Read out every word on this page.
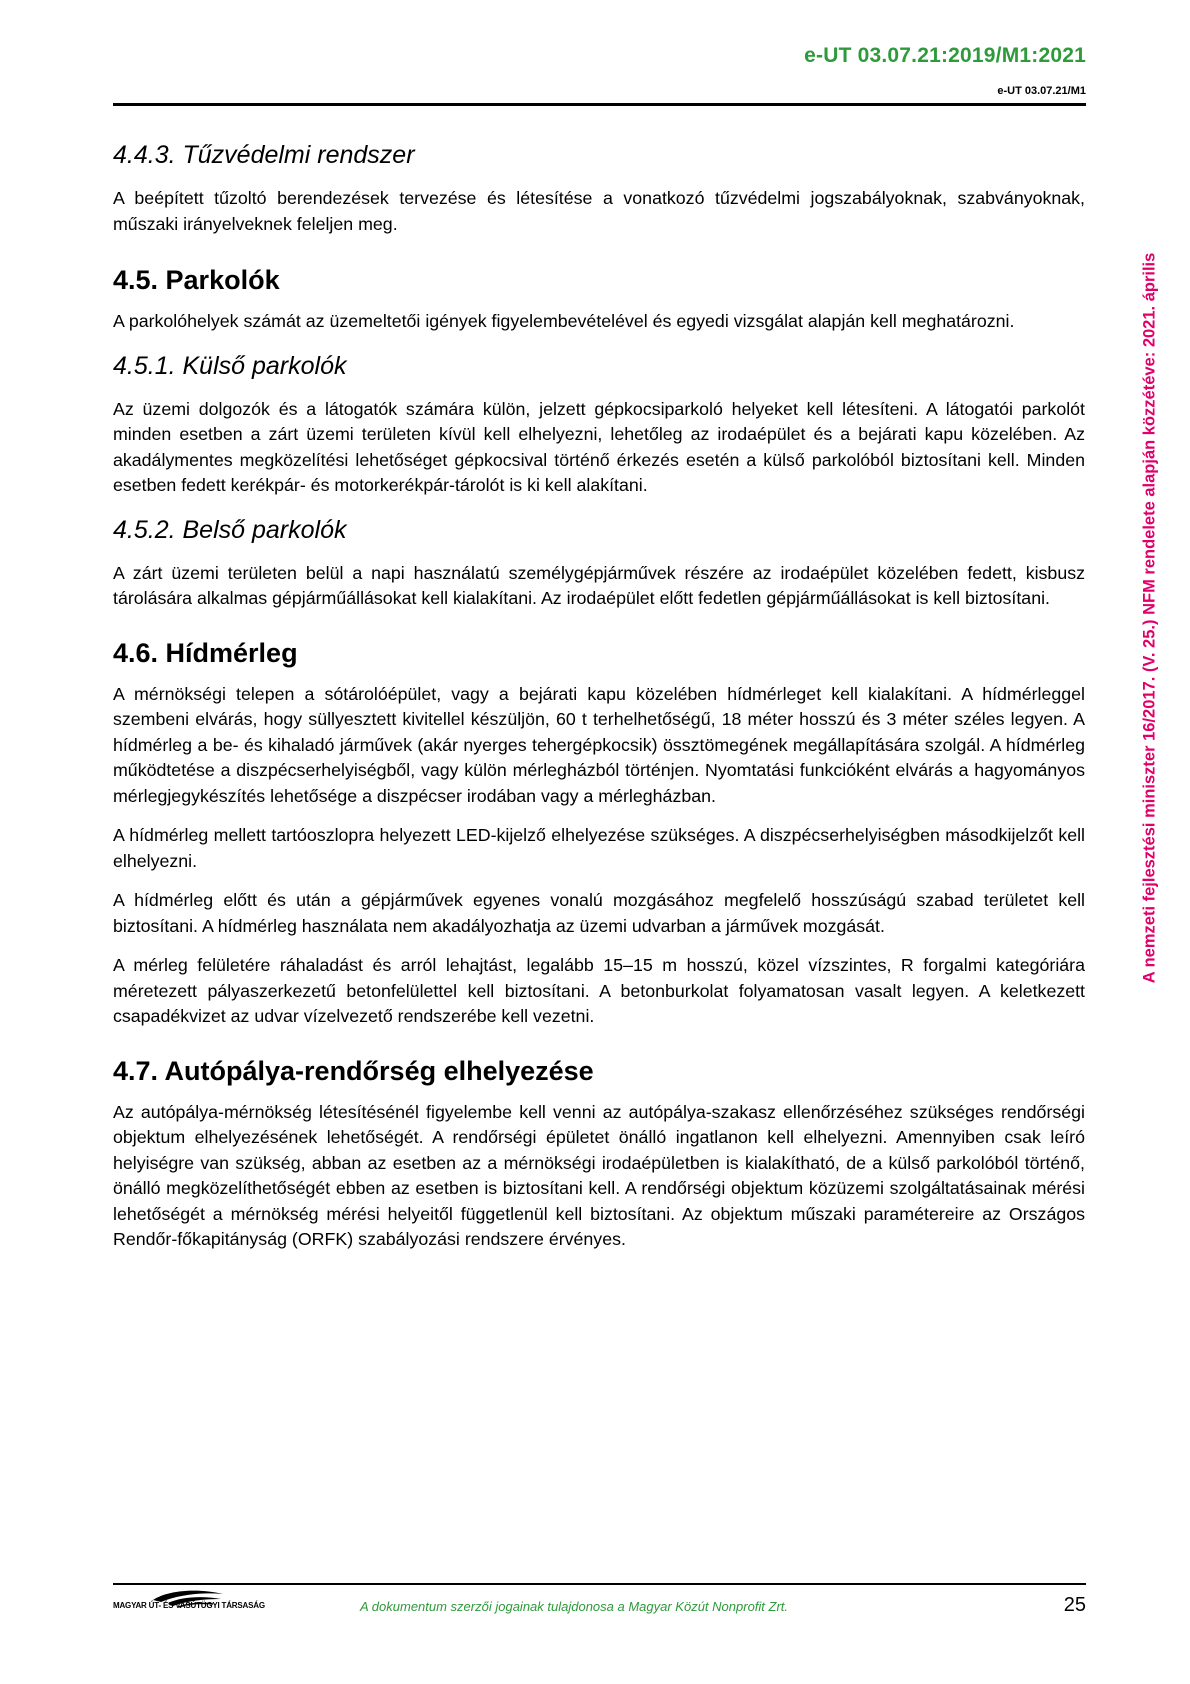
e-UT 03.07.21:2019/M1:2021
e-UT 03.07.21/M1
A nemzeti fejlesztési miniszter 16/2017. (V. 25.) NFM rendelete alapján közzétéve: 2021. április
4.4.3. Tűzvédelmi rendszer

A beépített tűzoltó berendezések tervezése és létesítése a vonatkozó tűzvédelmi jogszabályoknak, szabványoknak, műszaki irányelveknek feleljen meg.

4.5. Parkolók

A parkolóhelyek számát az üzemeltetői igények figyelembevételével és egyedi vizsgálat alapján kell meghatározni.

4.5.1. Külső parkolók

Az üzemi dolgozók és a látogatók számára külön, jelzett gépkocsiparkoló helyeket kell létesíteni. A látogatói parkolót minden esetben a zárt üzemi területen kívül kell elhelyezni, lehetőleg az irodaépület és a bejárati kapu közelében. Az akadálymentes megközelítési lehetőséget gépkocsival történő érkezés esetén a külső parkolóból biztosítani kell. Minden esetben fedett kerékpár- és motorkerékpár-tárolót is ki kell alakítani.

4.5.2. Belső parkolók

A zárt üzemi területen belül a napi használatú személygépjárművek részére az irodaépület közelében fedett, kisbusz tárolására alkalmas gépjárműállásokat kell kialakítani. Az irodaépület előtt fedetlen gépjárműállásokat is kell biztosítani.

4.6. Hídmérleg

A mérnökségi telepen a sótárolóépület, vagy a bejárati kapu közelében hídmérleget kell kialakítani. A hídmérleggel szembeni elvárás, hogy süllyesztett kivitellel készüljön, 60 t terhelhetőségű, 18 méter hosszú és 3 méter széles legyen. A hídmérleg a be- és kihaladó járművek (akár nyerges tehergépkocsik) össztömegének megállapítására szolgál. A hídmérleg működtetése a diszpécserhelyiségből, vagy külön mérlegházból történjen. Nyomtatási funkcióként elvárás a hagyományos mérlegjegykészítés lehetősége a diszpécser irodában vagy a mérlegházban.

A hídmérleg mellett tartóoszlopra helyezett LED-kijelző elhelyezése szükséges. A diszpécserhelyiségben másodkijelzőt kell elhelyezni.

A hídmérleg előtt és után a gépjárművek egyenes vonalú mozgásához megfelelő hosszúságú szabad területet kell biztosítani. A hídmérleg használata nem akadályozhatja az üzemi udvarban a járművek mozgását.

A mérleg felületére ráhaladást és arról lehajtást, legalább 15–15 m hosszú, közel vízszintes, R forgalmi kategóriára méretezett pályaszerkezetű betonfelülettel kell biztosítani. A betonburkolat folyamatosan vasalt legyen. A keletkezett csapadékvizet az udvar vízelvezető rendszerébe kell vezetni.

4.7. Autópálya-rendőrség elhelyezése

Az autópálya-mérnökség létesítésénél figyelembe kell venni az autópálya-szakasz ellenőrzéséhez szükséges rendőrségi objektum elhelyezésének lehetőségét. A rendőrségi épületet önálló ingatlanon kell elhelyezni. Amennyiben csak leíró helyiségre van szükség, abban az esetben az a mérnökségi irodaépületben is kialakítható, de a külső parkolóból történő, önálló megközelíthetőségét ebben az esetben is biztosítani kell. A rendőrségi objektum közüzemi szolgáltatásainak mérési lehetőségét a mérnökség mérési helyeitől függetlenül kell biztosítani. Az objektum műszaki paramétereire az Országos Rendőr-főkapitányság (ORFK) szabályozási rendszere érvényes.

MAGYAR ÚT- ÉS VASÚTÜGYI TÁRSASÁG	A dokumentum szerzői jogainak tulajdonosa a Magyar Közút Nonprofit Zrt.	25
